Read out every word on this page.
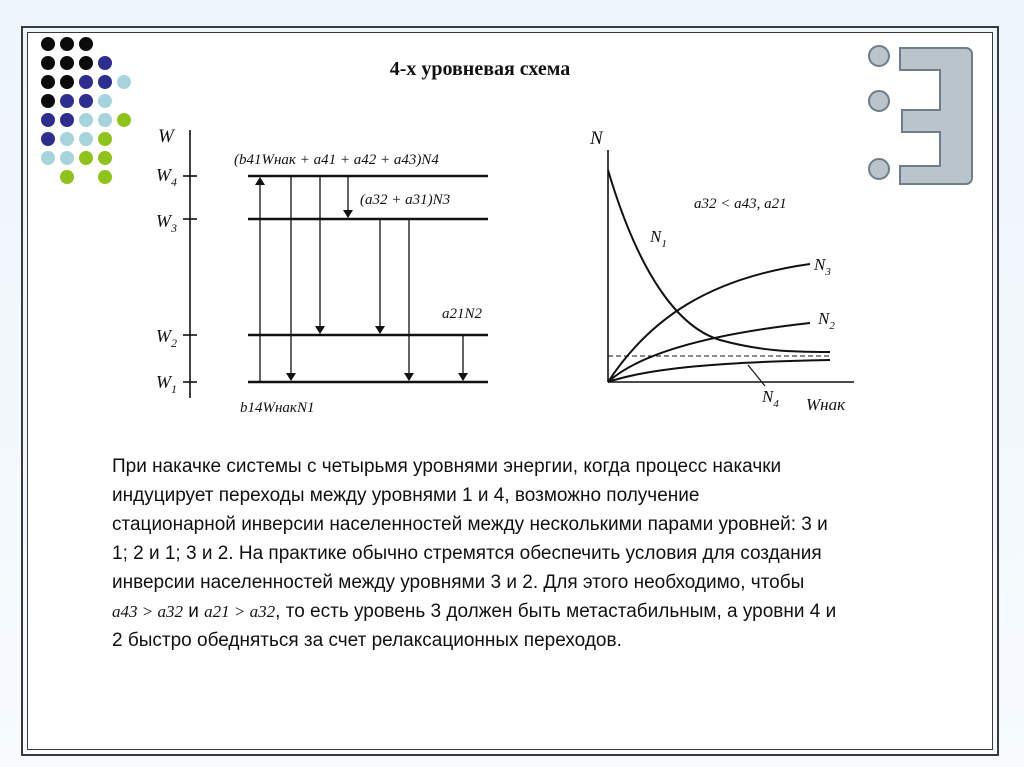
4-х уровневая схема
W
$W_4$
$W_3$
$W_2$
$W_1$
(b41Wнак + a41 + a42 + a43)N4
(a32 + a31)N3
a21N2
b14WнакN1
N
Wнак
a32 < a43, a21
$N_1$
$N_3$
$N_2$
$N_4$
При накачке системы с четырьмя уровнями энергии, когда процесс накачки
индуцирует переходы между уровнями 1 и 4, возможно получение
стационарной инверсии населенностей между несколькими парами уровней: 3 и
1; 2 и 1; 3 и 2. На практике обычно стремятся обеспечить условия для создания
инверсии населенностей между уровнями 3 и 2. Для этого необходимо, чтобы
a43 > a32 и a21 > a32, то есть уровень 3 должен быть метастабильным, а уровни 4 и
2 быстро обедняться за счет релаксационных переходов.
